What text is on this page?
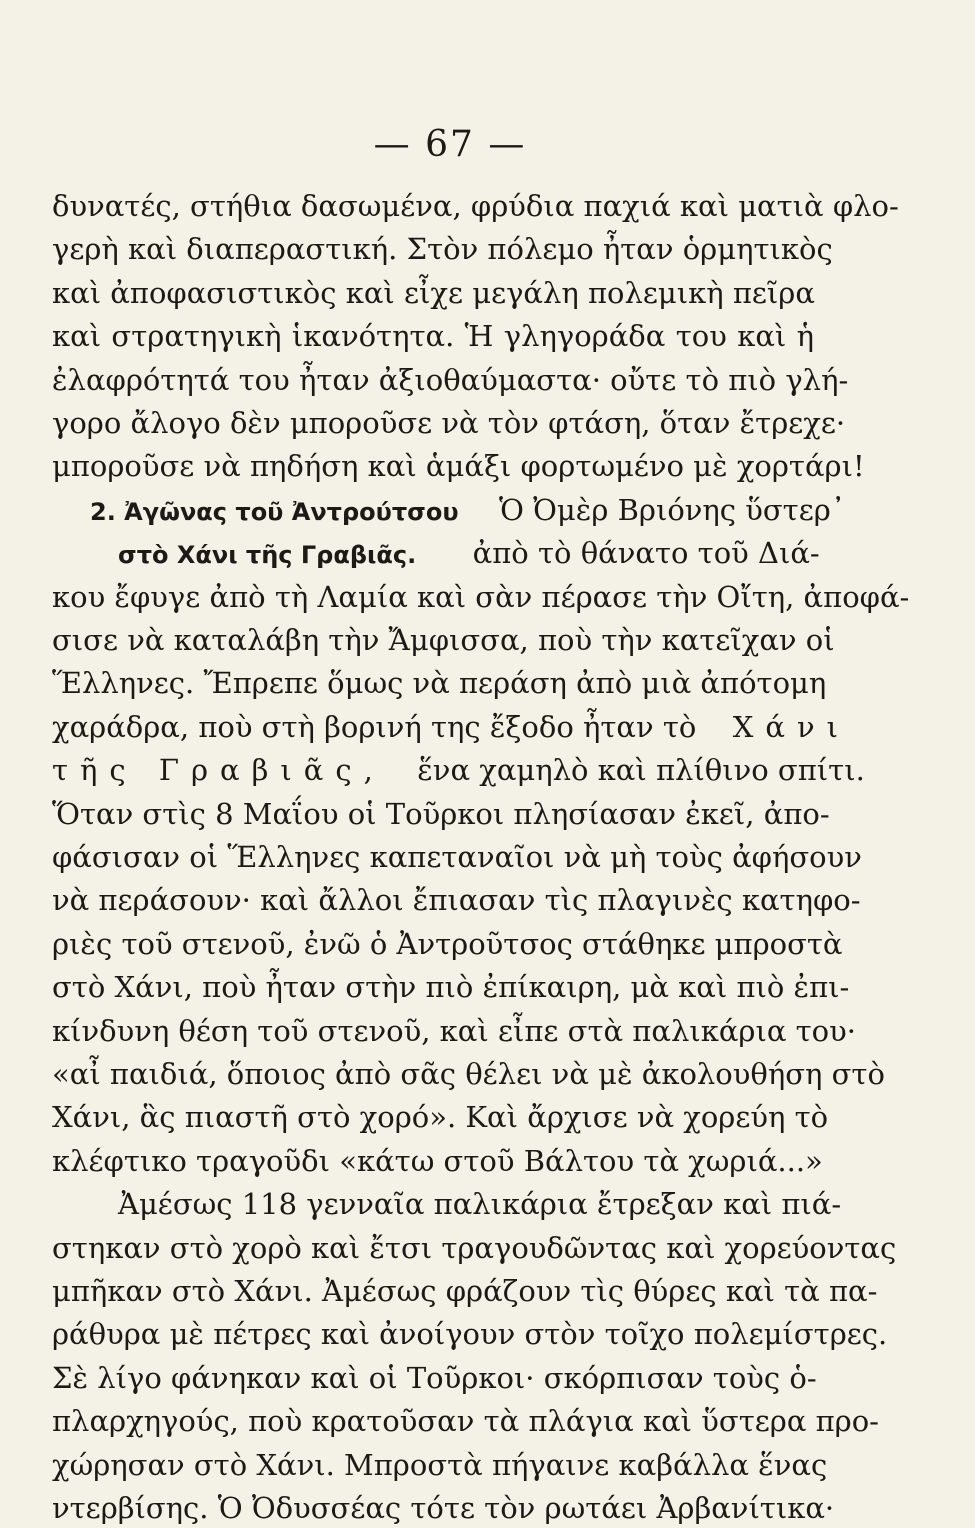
— 67 —
δυνατές, στήθια δασωμένα, φρύδια παχιά καὶ ματιὰ φλο-
γερὴ καὶ διαπεραστική. Στὸν πόλεμο ἦταν ὁρμητικὸς
καὶ ἀποφασιστικὸς καὶ εἶχε μεγάλη πολεμικὴ πεῖρα
καὶ στρατηγικὴ ἱκανότητα. Ἡ γληγοράδα του καὶ ἡ
ἐλαφρότητά του ἦταν ἀξιοθαύμαστα· οὔτε τὸ πιὸ γλή-
γορο ἄλογο δὲν μποροῦσε νὰ τὸν φτάση, ὅταν ἔτρεχε·
μποροῦσε νὰ πηδήση καὶ ἁμάξι φορτωμένο μὲ χορτάρι!
2. Ἀγῶνας τοῦ Ἀντρούτσου Ὁ Ὀμὲρ Βριόνης ὕστερ᾽
στὸ Χάνι τῆς Γραβιᾶς. ἀπὸ τὸ θάνατο τοῦ Διά-
κου ἔφυγε ἀπὸ τὴ Λαμία καὶ σὰν πέρασε τὴν Οἴτη, ἀποφά-
σισε νὰ καταλάβη τὴν Ἄμφισσα, ποὺ τὴν κατεῖχαν οἱ
Ἕλληνες. Ἔπρεπε ὅμως νὰ περάση ἀπὸ μιὰ ἀπότομη
χαράδρα, ποὺ στὴ βορινή της ἔξοδο ἦταν τὸ Χάνι
τῆς Γραβιᾶς, ἕνα χαμηλὸ καὶ πλίθινο σπίτι.
Ὅταν στὶς 8 Μαΐου οἱ Τοῦρκοι πλησίασαν ἐκεῖ, ἀπο-
φάσισαν οἱ Ἕλληνες καπεταναῖοι νὰ μὴ τοὺς ἀφήσουν
νὰ περάσουν· καὶ ἄλλοι ἔπιασαν τὶς πλαγινὲς κατηφο-
ριὲς τοῦ στενοῦ, ἐνῶ ὁ Ἀντροῦτσος στάθηκε μπροστὰ
στὸ Χάνι, ποὺ ἦταν στὴν πιὸ ἐπίκαιρη, μὰ καὶ πιὸ ἐπι-
κίνδυνη θέση τοῦ στενοῦ, καὶ εἶπε στὰ παλικάρια του·
«αἶ παιδιά, ὅποιος ἀπὸ σᾶς θέλει νὰ μὲ ἀκολουθήση στὸ
Χάνι, ἃς πιαστῆ στὸ χορό». Καὶ ἄρχισε νὰ χορεύη τὸ
κλέφτικο τραγοῦδι «κάτω στοῦ Βάλτου τὰ χωριά...»
Ἀμέσως 118 γενναῖα παλικάρια ἔτρεξαν καὶ πιά-
στηκαν στὸ χορὸ καὶ ἔτσι τραγουδῶντας καὶ χορεύοντας
μπῆκαν στὸ Χάνι. Ἀμέσως φράζουν τὶς θύρες καὶ τὰ πα-
ράθυρα μὲ πέτρες καὶ ἀνοίγουν στὸν τοῖχο πολεμίστρες.
Σὲ λίγο φάνηκαν καὶ οἱ Τοῦρκοι· σκόρπισαν τοὺς ὁ-
πλαρχηγούς, ποὺ κρατοῦσαν τὰ πλάγια καὶ ὕστερα προ-
χώρησαν στὸ Χάνι. Μπροστὰ πήγαινε καβάλλα ἕνας
ντερβίσης. Ὁ Ὀδυσσέας τότε τὸν ρωτάει Ἀρβανίτικα·
